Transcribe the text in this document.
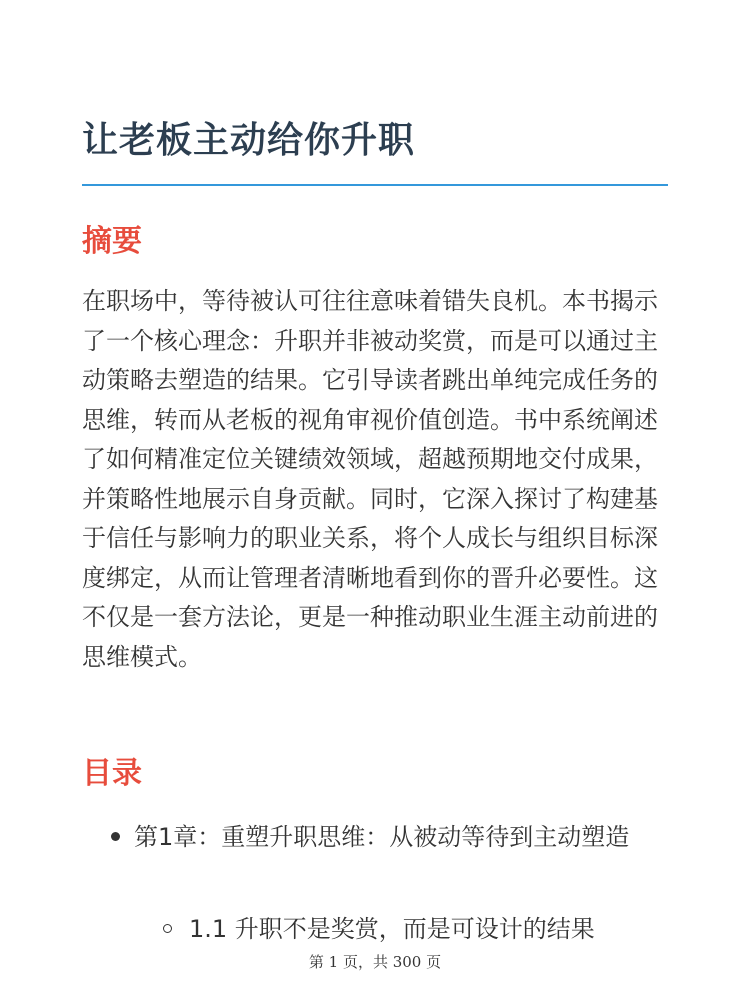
让老板主动给你升职
摘要

在职场中，等待被认可往往意味着错失良机。本书揭示了一个核心理念：升职并非被动奖赏，而是可以通过主动策略去塑造的结果。它引导读者跳出单纯完成任务的思维，转而从老板的视角审视价值创造。书中系统阐述了如何精准定位关键绩效领域，超越预期地交付成果，并策略性地展示自身贡献。同时，它深入探讨了构建基于信任与影响力的职业关系，将个人成长与组织目标深度绑定，从而让管理者清晰地看到你的晋升必要性。这不仅是一套方法论，更是一种推动职业生涯主动前进的思维模式。

目录
第1章：重塑升职思维：从被动等待到主动塑造
1.1 升职不是奖赏，而是可设计的结果
第 1 页，共 300 页
